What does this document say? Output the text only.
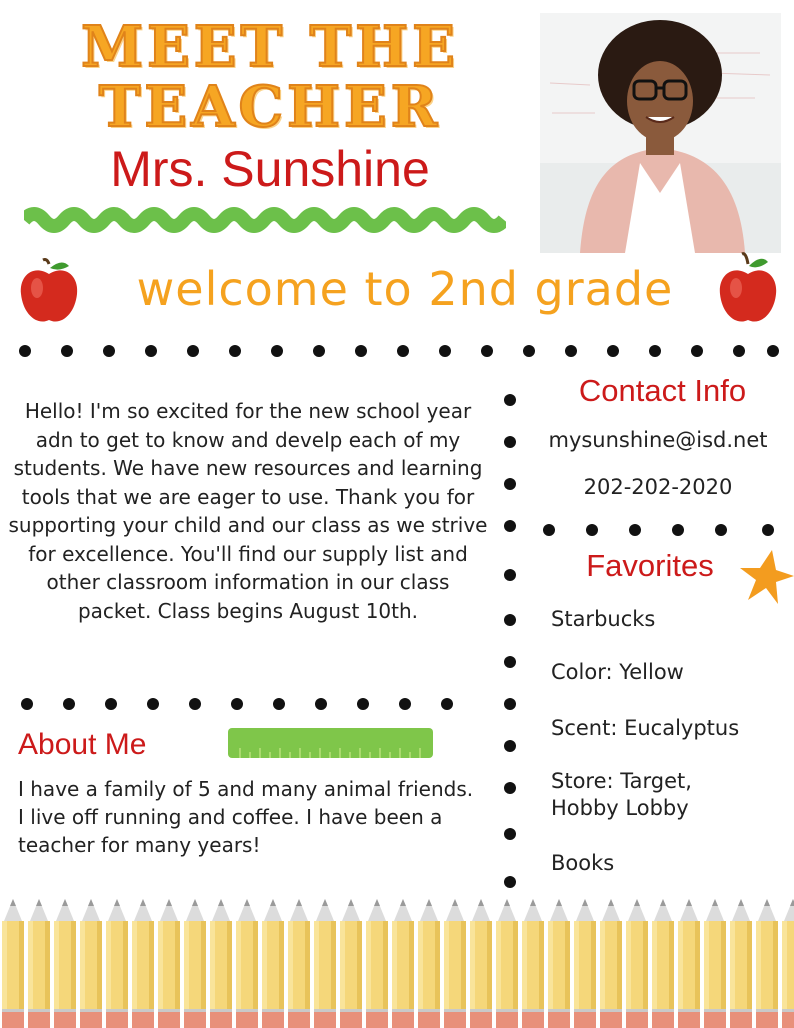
MEET THE
TEACHER
Mrs. Sunshine
welcome to 2nd grade
Hello! I'm so excited for the new school year adn to get to know and develp each of my students. We have new resources and learning tools that we are eager to use. Thank you for supporting your child and our class as we strive for excellence. You'll find our supply list and other classroom information in our class packet. Class begins August 10th.
About Me
I have a family of 5 and many animal friends. I live off running and coffee. I have been a teacher for many years!
Contact Info
mysunshine@isd.net
202-202-2020
Favorites
Starbucks
Color: Yellow
Scent: Eucalyptus
Store: Target, Hobby Lobby
Books
